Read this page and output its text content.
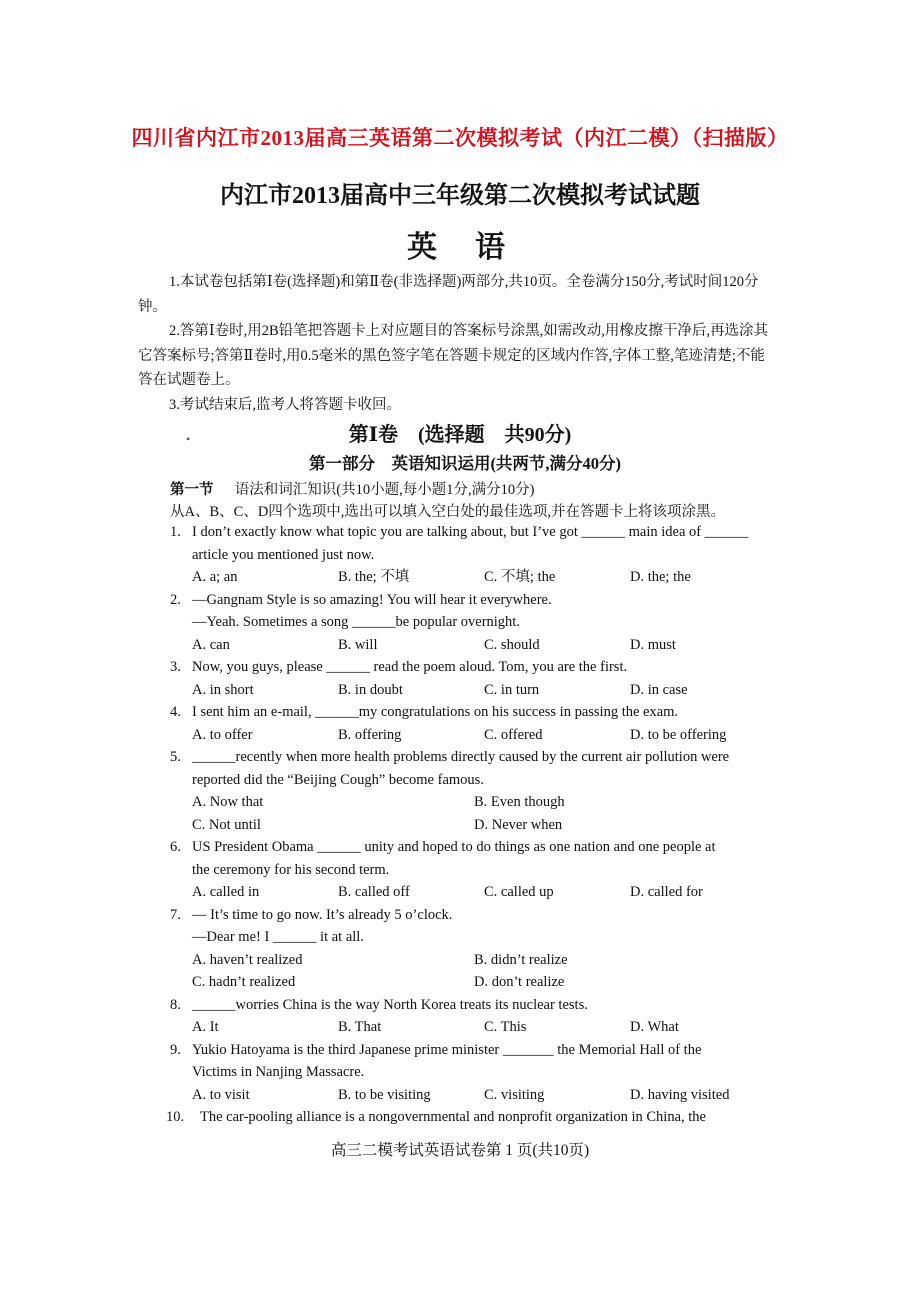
四川省内江市2013届高三英语第二次模拟考试（内江二模）（扫描版）
内江市2013届高中三年级第二次模拟考试试题
英语

1.本试卷包括第Ⅰ卷(选择题)和第Ⅱ卷(非选择题)两部分,共10页。全卷满分150分,考试时间120分钟。

2.答第Ⅰ卷时,用2B铅笔把答题卡上对应题目的答案标号涂黑,如需改动,用橡皮擦干净后,再选涂其它答案标号;答第Ⅱ卷时,用0.5毫米的黑色签字笔在答题卡规定的区域内作答,字体工整,笔迹清楚;不能答在试题卷上。

3.考试结束后,监考人将答题卡收回。

第Ⅰ卷　(选择题　共90分)
第一部分　英语知识运用(共两节,满分40分)
第一节 语法和词汇知识(共10小题,每小题1分,满分10分)
从A、B、C、D四个选项中,选出可以填入空白处的最佳选项,并在答题卡上将该项涂黑。
1. I don’t exactly know what topic you are talking about, but I’ve got ______ main idea of ______
article you mentioned just now.
A. a; an	B. the; 不填	C. 不填; the	D. the; the
2. —Gangnam Style is so amazing! You will hear it everywhere.
—Yeah. Sometimes a song ______be popular overnight.
A. can	B. will	C. should	D. must
3. Now, you guys, please ______ read the poem aloud. Tom, you are the first.
A. in short	B. in doubt	C. in turn	D. in case
4. I sent him an e-mail, ______my congratulations on his success in passing the exam.
A. to offer	B. offering	C. offered	D. to be offering
5. ______recently when more health problems directly caused by the current air pollution were
reported did the “Beijing Cough” become famous.
A. Now that	B. Even though
C. Not until	D. Never when
6. US President Obama ______ unity and hoped to do things as one nation and one people at
the ceremony for his second term.
A. called in	B. called off	C. called up	D. called for
7. — It’s time to go now. It’s already 5 o’clock.
—Dear me! I ______ it at all.
A. haven’t realized	B. didn’t realize
C. hadn’t realized	D. don’t realize
8. ______worries China is the way North Korea treats its nuclear tests.
A. It	B. That	C. This	D. What
9. Yukio Hatoyama is the third Japanese prime minister _______ the Memorial Hall of the
Victims in Nanjing Massacre.
A. to visit	B. to be visiting	C. visiting	D. having visited
10. The car-pooling alliance is a nongovernmental and nonprofit organization in China, the
高三二模考试英语试卷第 1 页(共10页)
•
